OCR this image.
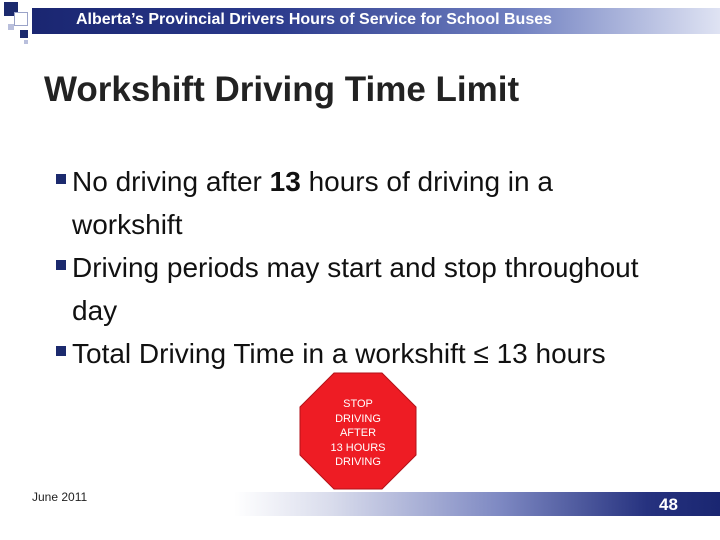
Alberta’s Provincial Drivers Hours of Service for School Buses
Workshift Driving Time Limit
No driving after 13 hours of driving in a workshift
Driving periods may start and stop throughout day
Total Driving Time in a workshift ≤ 13 hours
STOP
DRIVING
AFTER
13 HOURS
DRIVING
June 2011	48
